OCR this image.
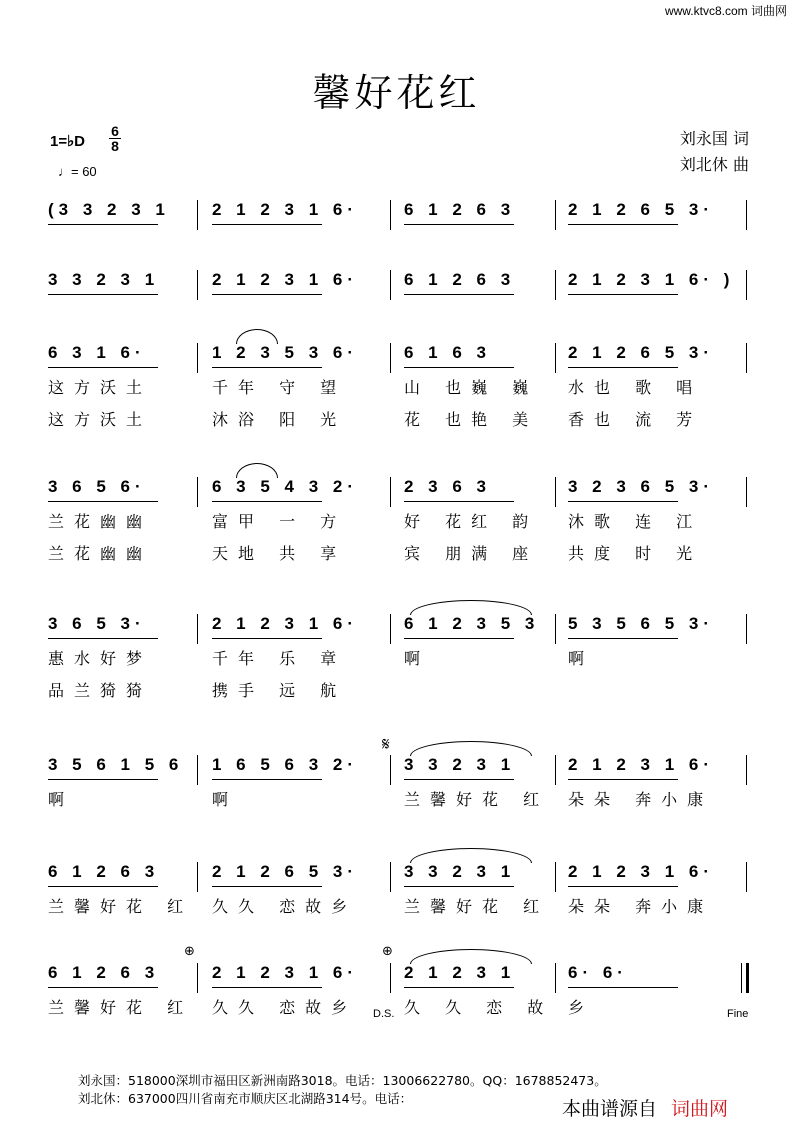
www.ktvc8.com 词曲网
馨好花红
1=♭D
6
8
♩= 60
刘永国 词
刘北休 曲
(3 3 2 3 1 2 1 2 3 1 6·	6 1 2 6 3	2 1 2 6 5 3·
3 3 2 3 1	2 1 2 3 1 6·	6 1 2 6 3	2 1 2 3 1 6· )
6 3 1 6·
这方沃土
这方沃土
1 2 3 5 3 6·
千年 守 望
沐浴 阳 光
6 1 6 3
山 也巍 巍
花 也艳 美
2 1 2 6 5 3·
水也 歌 唱
香也 流 芳
3 6 5 6·
兰花幽幽
兰花幽幽
6 3 5 4 3 2·
富甲 一 方
天地 共 享
2 3 6 3
好 花红 韵
宾 朋满 座
3 2 3 6 5 3·
沐歌 连 江
共度 时 光
3 6 5 3·
惠水好梦
品兰猗猗
2 1 2 3 1 6·
千年 乐 章
携手 远 航
6 1 2 3 5 3
啊
5 3 5 6 5 3·
啊
3 5 6 1 5 6
啊
1 6 5 6 3 2·
啊
3 3 2 3 1
兰馨好花 红
2 1 2 3 1 6·
朵朵 奔小康
6 1 2 6 3
兰馨好花 红
2 1 2 6 5 3·
久久 恋故乡
3 3 2 3 1
兰馨好花 红
2 1 2 3 1 6·
朵朵 奔小康
6 1 2 6 3
兰馨好花 红
2 1 2 3 1 6·
久久 恋故乡
2 1 2 3 1
久 久 恋 故
6· 6·
乡
𝄋
⊕	⊕
D.S.	Fine
刘永国：518000深圳市福田区新洲南路3018。电话：13006622780。QQ：1678852473。
刘北休：637000四川省南充市顺庆区北湖路314号。电话：	本曲谱源自 词曲网
